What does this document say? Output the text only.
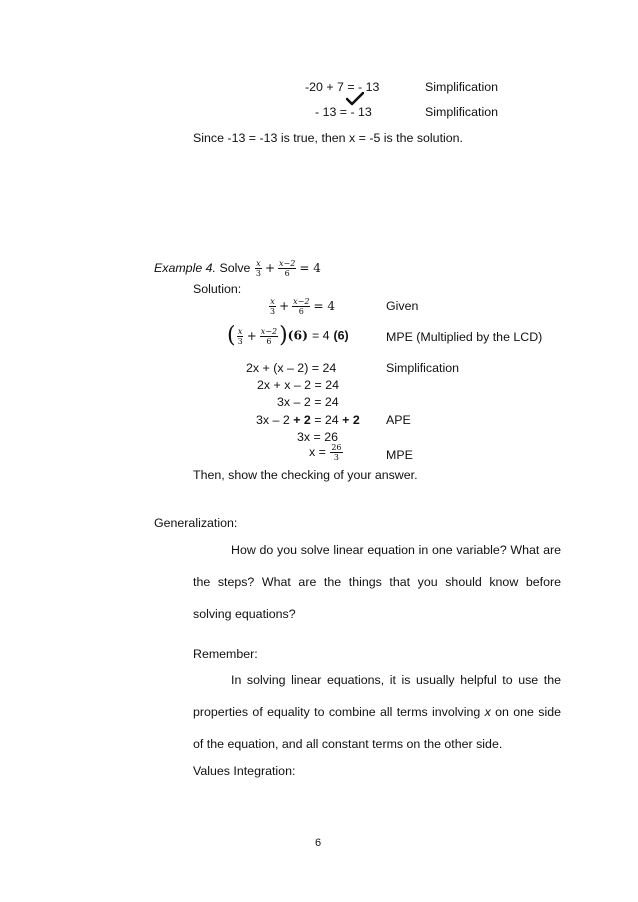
-20 + 7 = - 13	Simplification
- 13 = - 13	Simplification
Since -13 = -13 is true, then x = -5 is the solution.
Example 4. Solve $\frac{x}{3} + \frac{x-2}{6} = 4$
Solution:
$\frac{x}{3} + \frac{x-2}{6} = 4$	Given
( $\frac{x}{3} + \frac{x-2}{6} )(6) = 4$ (6)	MPE (Multiplied by the LCD)
2x + (x – 2) = 24	Simplification
2x + x – 2 = 24
3x – 2 = 24
3x – 2 + 2 = 24 + 2 APE
3x = 26
$x = \frac{26}{3}$	MPE
Then, show the checking of your answer.
Generalization:
How do you solve linear equation in one variable? What are the steps? What are the things that you should know before solving equations?
Remember:
In solving linear equations, it is usually helpful to use the properties of equality to combine all terms involving x on one side of the equation, and all constant terms on the other side.
Values Integration:
6
